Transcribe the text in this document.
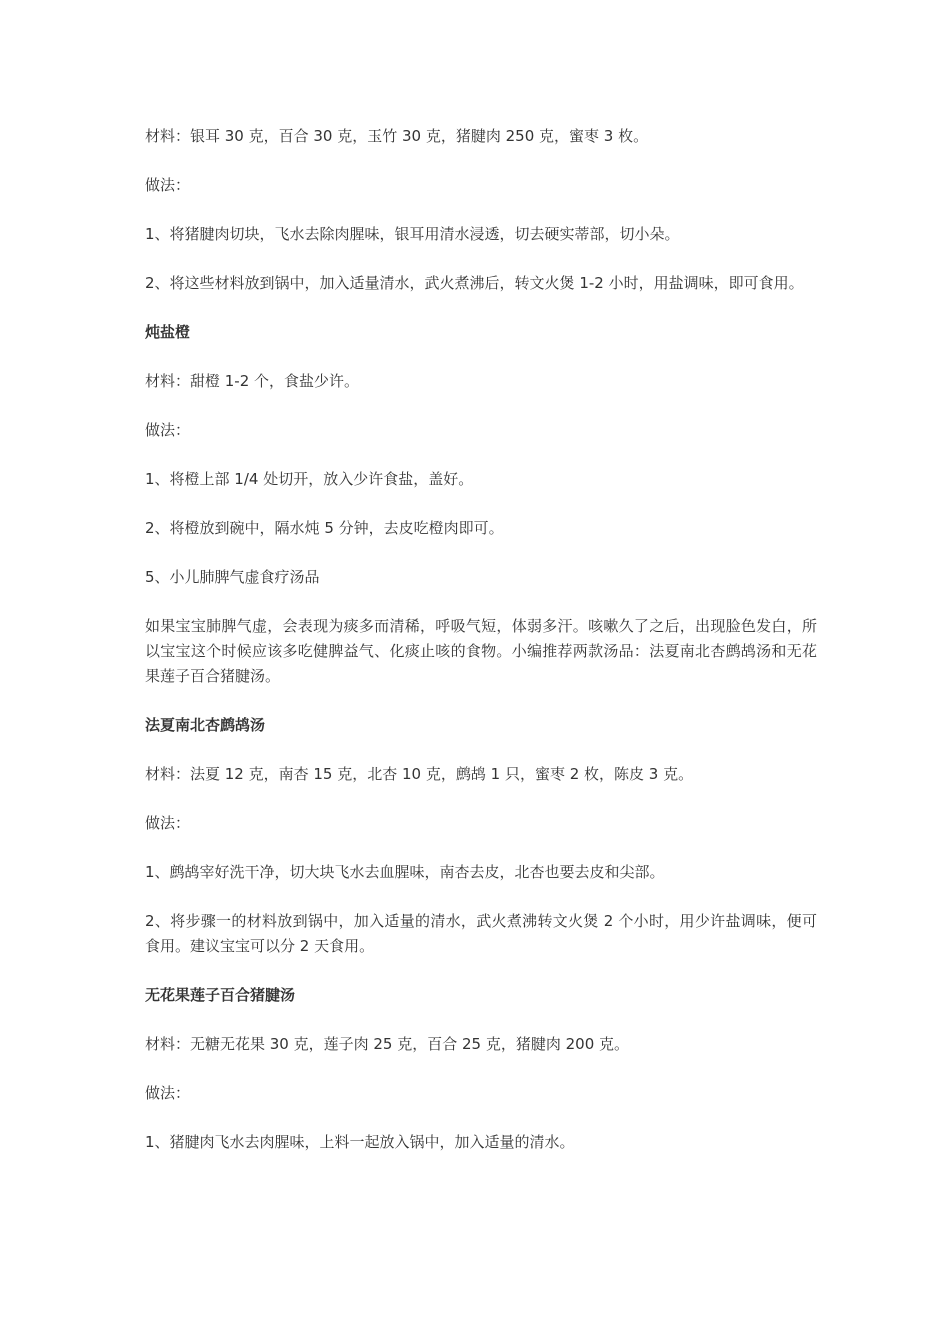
材料：银耳 30 克，百合 30 克，玉竹 30 克，猪腱肉 250 克，蜜枣 3 枚。

做法：

1、将猪腱肉切块，飞水去除肉腥味，银耳用清水浸透，切去硬实蒂部，切小朵。

2、将这些材料放到锅中，加入适量清水，武火煮沸后，转文火煲 1-2 小时，用盐调味，即可食用。

炖盐橙

材料：甜橙 1-2 个，食盐少许。

做法：

1、将橙上部 1/4 处切开，放入少许食盐，盖好。

2、将橙放到碗中，隔水炖 5 分钟，去皮吃橙肉即可。

5、小儿肺脾气虚食疗汤品

如果宝宝肺脾气虚，会表现为痰多而清稀，呼吸气短，体弱多汗。咳嗽久了之后，出现脸色发白，所以宝宝这个时候应该多吃健脾益气、化痰止咳的食物。小编推荐两款汤品：法夏南北杏鹧鸪汤和无花果莲子百合猪腱汤。

法夏南北杏鹧鸪汤

材料：法夏 12 克，南杏 15 克，北杏 10 克，鹧鸪 1 只，蜜枣 2 枚，陈皮 3 克。

做法：

1、鹧鸪宰好洗干净，切大块飞水去血腥味，南杏去皮，北杏也要去皮和尖部。

2、将步骤一的材料放到锅中，加入适量的清水，武火煮沸转文火煲 2 个小时，用少许盐调味，便可食用。建议宝宝可以分 2 天食用。

无花果莲子百合猪腱汤

材料：无糖无花果 30 克，莲子肉 25 克，百合 25 克，猪腱肉 200 克。

做法：

1、猪腱肉飞水去肉腥味，上料一起放入锅中，加入适量的清水。
